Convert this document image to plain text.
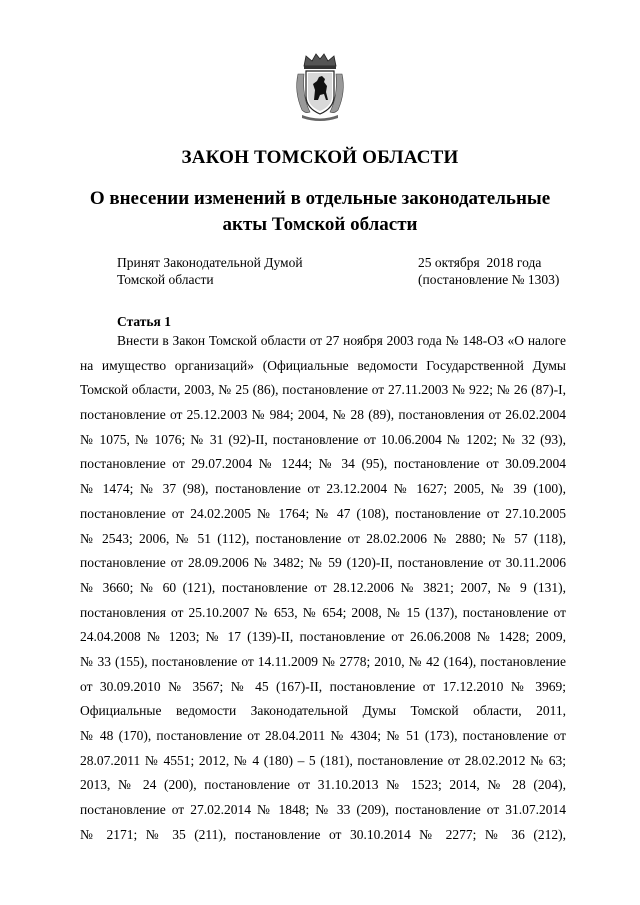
ЗАКОН ТОМСКОЙ ОБЛАСТИ
О внесении изменений в отдельные законодательные
акты Томской области
Принят Законодательной Думой
Томской области
25 октября  2018 года
(постановление № 1303)
Статья 1
Внести в Закон Томской области от 27 ноября 2003 года № 148-ОЗ «О налоге
на имущество организаций» (Официальные ведомости Государственной Думы
Томской области, 2003, № 25 (86), постановление от 27.11.2003 № 922; № 26 (87)-I,
постановление от 25.12.2003 № 984; 2004, № 28 (89), постановления от 26.02.2004
№ 1075, № 1076; № 31 (92)-II, постановление от 10.06.2004 № 1202; № 32 (93),
постановление от 29.07.2004 № 1244; № 34 (95), постановление от 30.09.2004
№ 1474; № 37 (98), постановление от 23.12.2004 № 1627; 2005, № 39 (100),
постановление от 24.02.2005 № 1764; № 47 (108), постановление от 27.10.2005
№ 2543; 2006, № 51 (112), постановление от 28.02.2006 № 2880; № 57 (118),
постановление от 28.09.2006 № 3482; № 59 (120)-II, постановление от 30.11.2006
№ 3660; № 60 (121), постановление от 28.12.2006 № 3821; 2007, № 9 (131),
постановления от 25.10.2007 № 653, № 654; 2008, № 15 (137), постановление от
24.04.2008 № 1203; № 17 (139)-II, постановление от 26.06.2008 № 1428; 2009,
№ 33 (155), постановление от 14.11.2009 № 2778; 2010, № 42 (164), постановление
от 30.09.2010 № 3567; № 45 (167)-II, постановление от 17.12.2010 № 3969;
Официальные ведомости Законодательной Думы Томской области, 2011,
№ 48 (170), постановление от 28.04.2011 № 4304; № 51 (173), постановление от
28.07.2011 № 4551; 2012, № 4 (180) – 5 (181), постановление от 28.02.2012 № 63;
2013, № 24 (200), постановление от 31.10.2013 № 1523; 2014, № 28 (204),
постановление от 27.02.2014 № 1848; № 33 (209), постановление от 31.07.2014
№ 2171; № 35 (211), постановление от 30.10.2014 № 2277; № 36 (212),
